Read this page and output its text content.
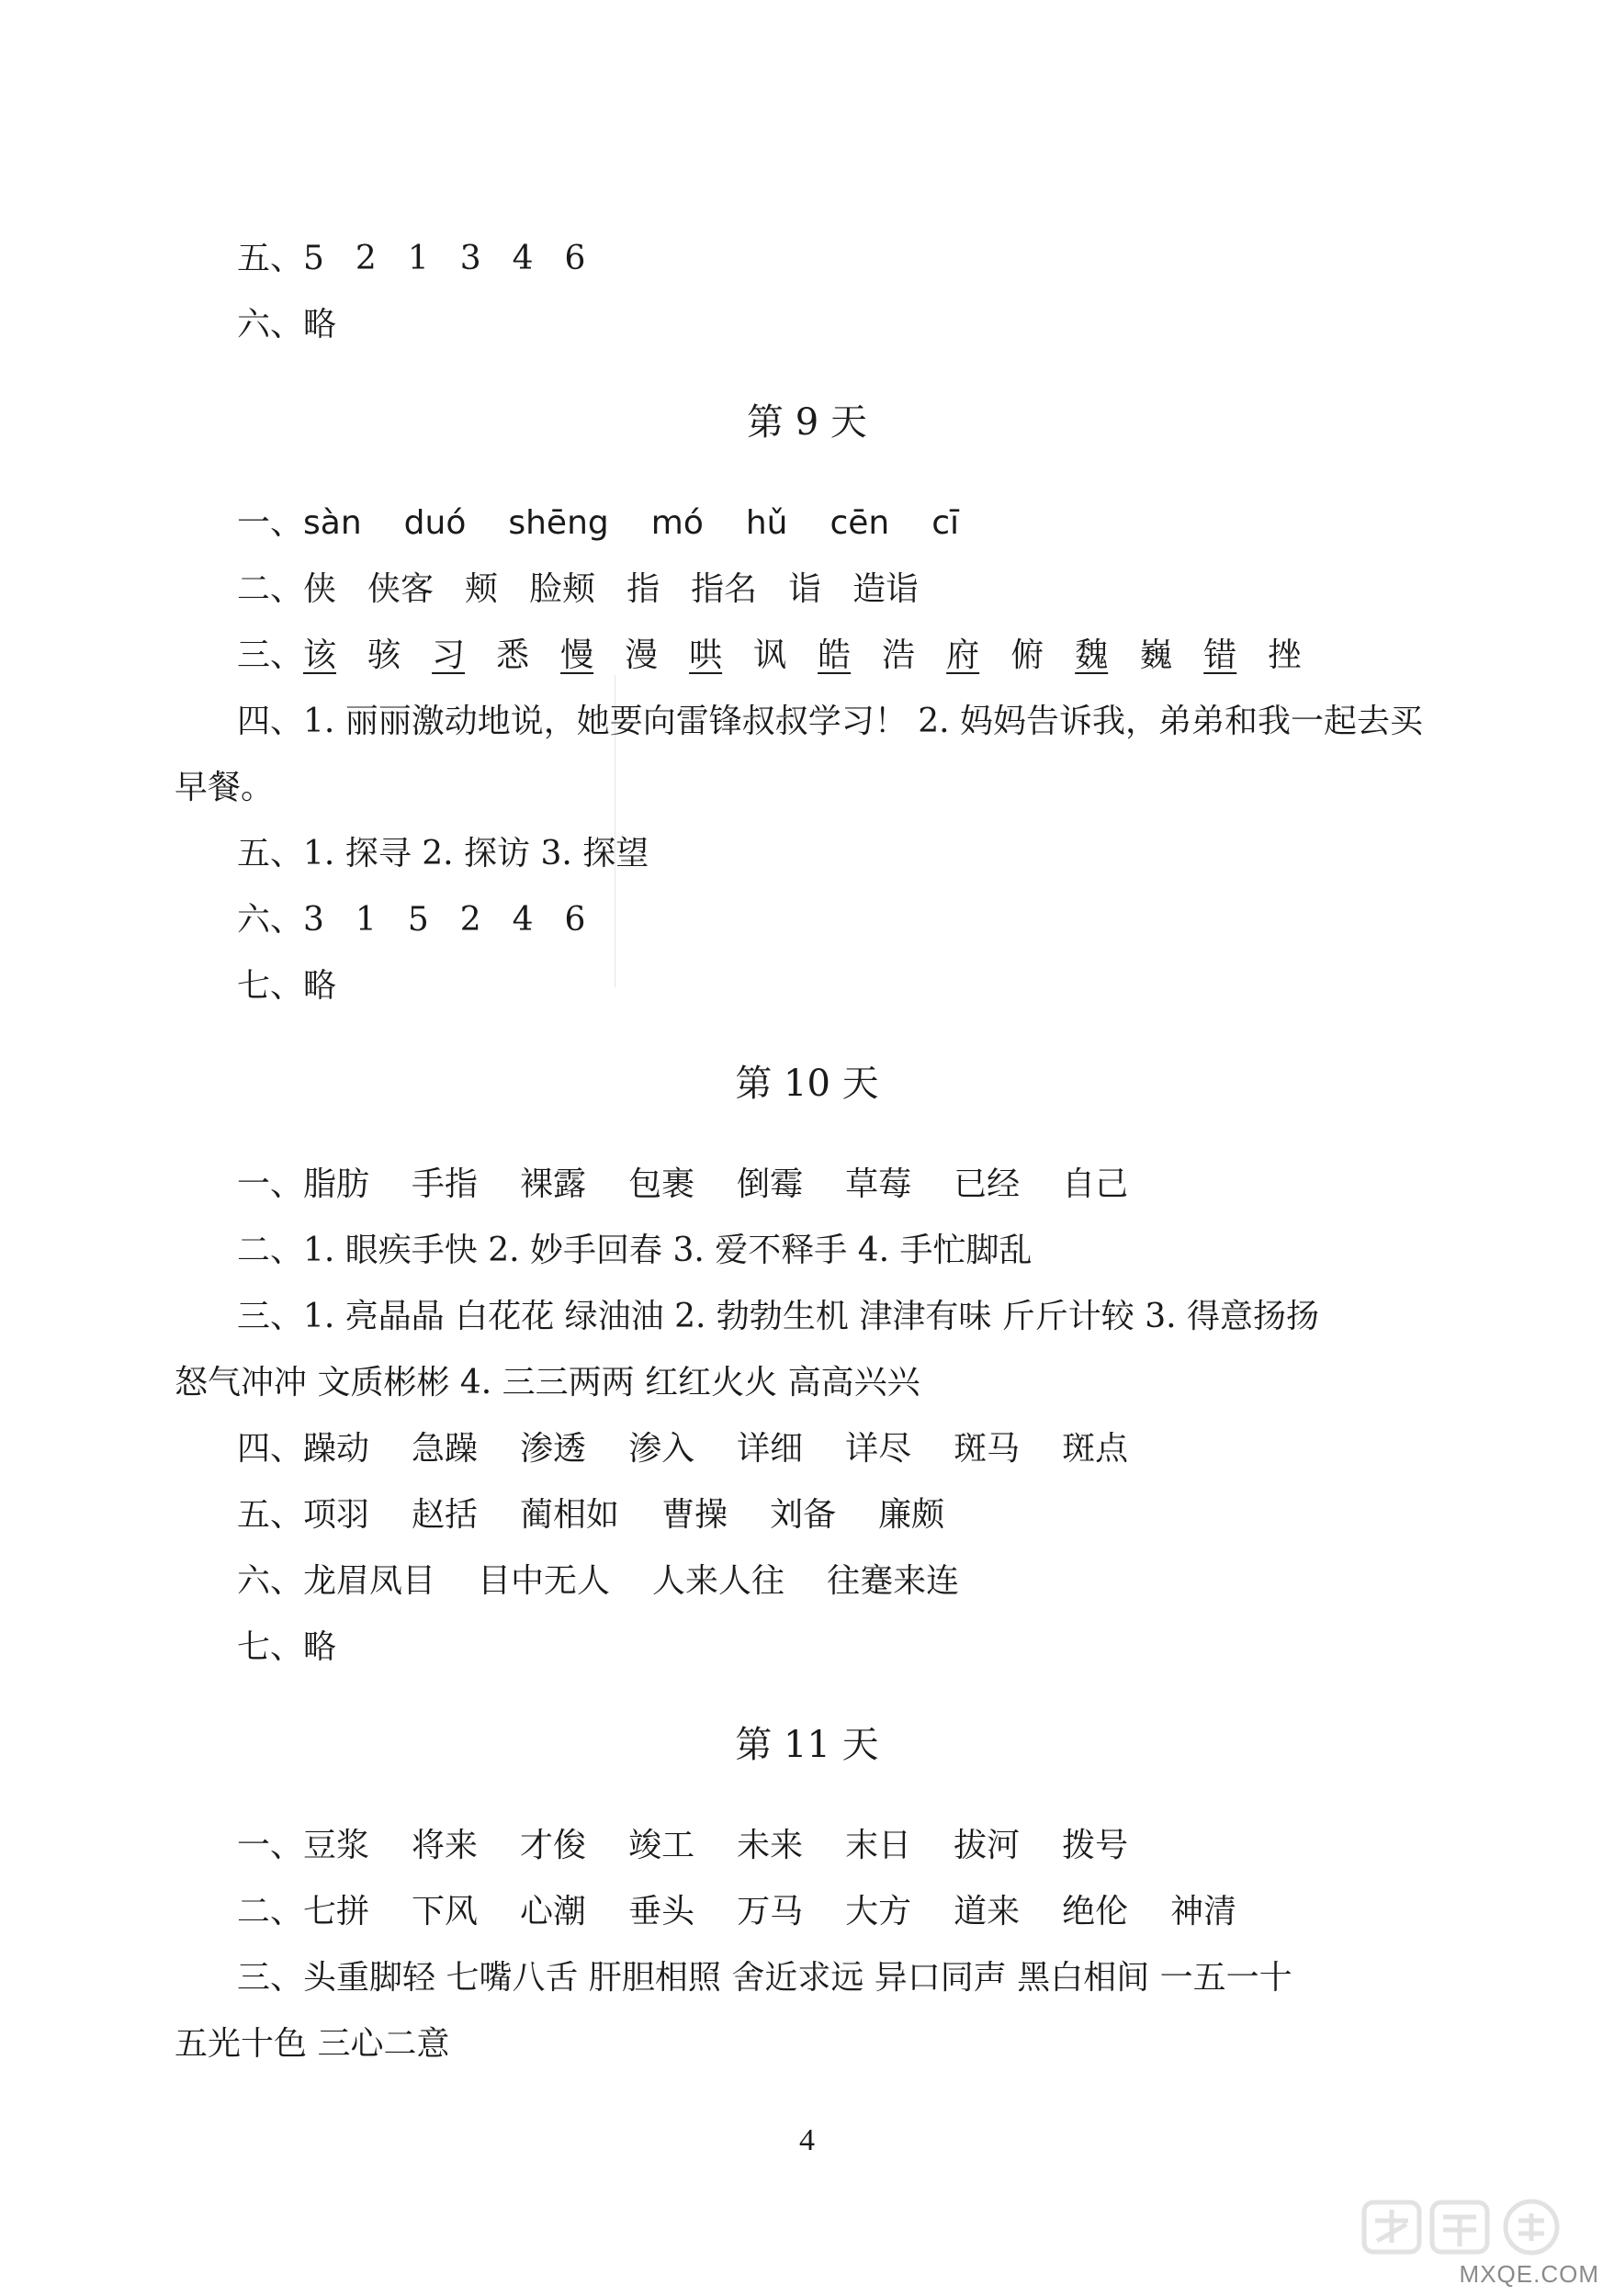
五、5 2 1 3 4 6
六、略
第 9 天
一、sàn duó shēng mó hǔ cēn cī
二、侠 侠客 颊 脸颊 指 指名 诣 造诣
三、该 骇 习 悉 慢 漫 哄 讽 皓 浩 府 俯 魏 巍 错 挫
四、1. 丽丽激动地说，她要向雷锋叔叔学习！ 2. 妈妈告诉我，弟弟和我一起去买
早餐。
五、1. 探寻 2. 探访 3. 探望
六、3 1 5 2 4 6
七、略
第 10 天
一、脂肪 手指 裸露 包裹 倒霉 草莓 已经 自己
二、1. 眼疾手快 2. 妙手回春 3. 爱不释手 4. 手忙脚乱
三、1. 亮晶晶 白花花 绿油油 2. 勃勃生机 津津有味 斤斤计较 3. 得意扬扬
怒气冲冲 文质彬彬 4. 三三两两 红红火火 高高兴兴
四、躁动 急躁 渗透 渗入 详细 详尽 斑马 斑点
五、项羽 赵括 蔺相如 曹操 刘备 廉颇
六、龙眉凤目 目中无人 人来人往 往蹇来连
七、略
第 11 天
一、豆浆 将来 才俊 竣工 未来 末日 拔河 拨号
二、七拼 下风 心潮 垂头 万马 大方 道来 绝伦 神清
三、头重脚轻 七嘴八舌 肝胆相照 舍近求远 异口同声 黑白相间 一五一十
五光十色 三心二意
4
MXQE.COM
